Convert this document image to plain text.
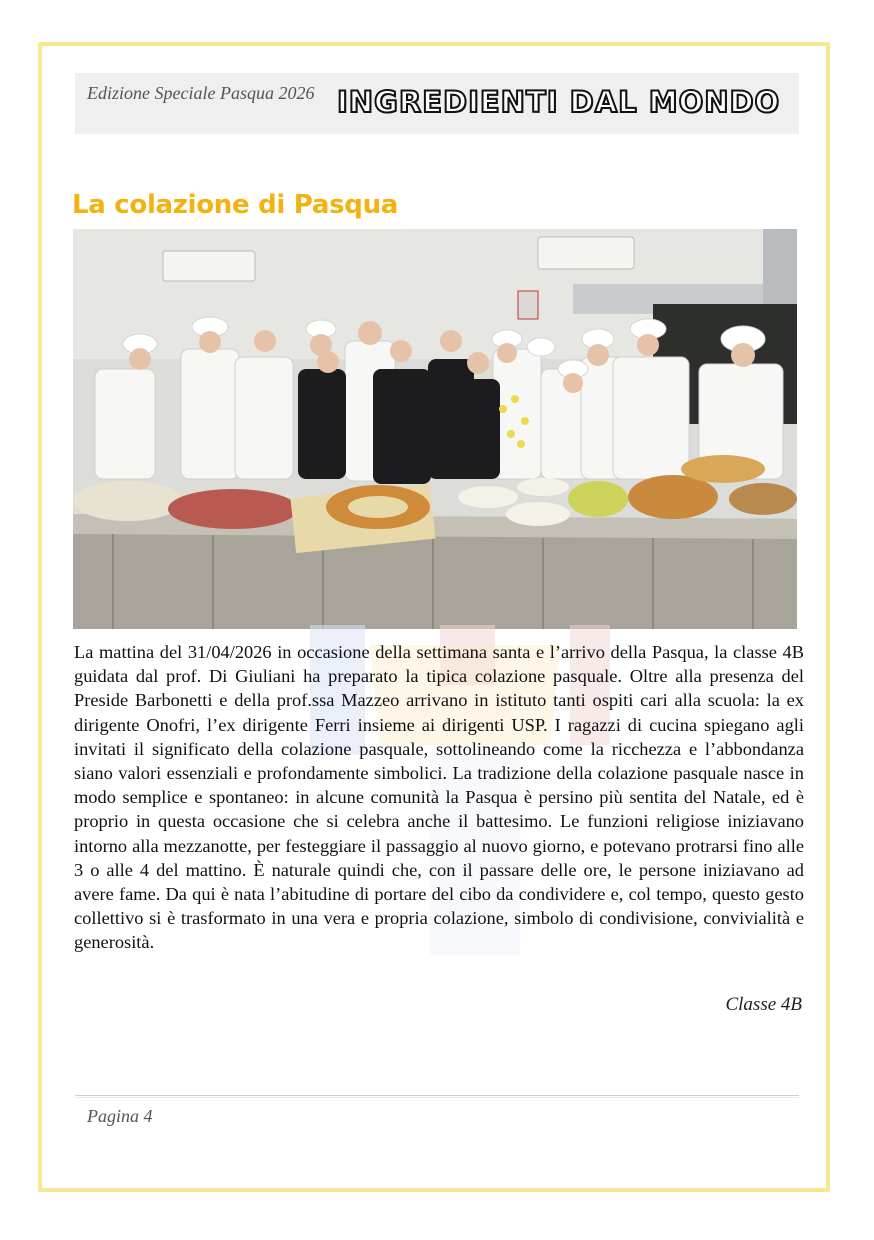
Edizione Speciale Pasqua 2026 INGREDIENTI DAL MONDO
La colazione di Pasqua
La mattina del 31/04/2026 in occasione della settimana santa e l’arrivo della Pasqua, la classe 4B guidata dal prof. Di Giuliani ha preparato la tipica colazione pasquale. Oltre alla presenza del Preside Barbonetti e della prof.ssa Mazzeo arrivano in istituto tanti ospiti cari alla scuola: la ex dirigente Onofri, l’ex dirigente Ferri insieme ai dirigenti USP. I ragazzi di cucina spiegano agli invitati il significato della colazione pasquale, sottolineando come la ricchezza e l’abbondanza siano valori essenziali e profondamente simbolici. La tradizione della colazione pasquale nasce in modo semplice e spontaneo: in alcune comunità la Pasqua è persino più sentita del Natale, ed è proprio in questa occasione che si celebra anche il battesimo. Le funzioni religiose iniziavano intorno alla mezzanotte, per festeggiare il passaggio al nuovo giorno, e potevano protrarsi fino alle 3 o alle 4 del mattino. È naturale quindi che, con il passare delle ore, le persone iniziavano ad avere fame. Da qui è nata l’abitudine di portare del cibo da condividere e, col tempo, questo gesto collettivo si è trasformato in una vera e propria colazione, simbolo di condivisione, convivialità e generosità.
Classe 4B
Pagina 4
